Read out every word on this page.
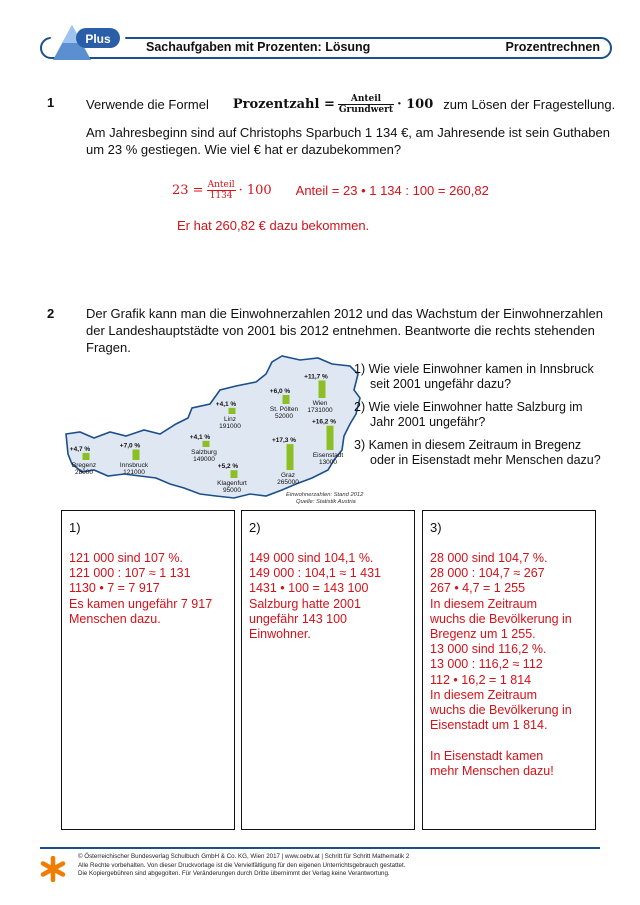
Plus
Sachaufgaben mit Prozenten: Lösung	Prozentrechnen
1 Verwende die Formel Prozentzahl = $\frac{\text{Anteil}}{\text{Grundwert}} \cdot 100$ zum Lösen der Fragestellung.
Am Jahresbeginn sind auf Christophs Sparbuch 1 134 €, am Jahresende ist sein Guthaben
um 23 % gestiegen. Wie viel € hat er dazubekommen?
$23 = \frac{\text{Anteil}}{1134} \cdot 100$ Anteil = 23 • 1 134 : 100 = 260,82
Er hat 260,82 € dazu bekommen.
2 Der Grafik kann man die Einwohnerzahlen 2012 und das Wachstum der Einwohnerzahlen
der Landeshauptstädte von 2001 bis 2012 entnehmen. Beantworte die rechts stehenden
Fragen.
+4,7 %
Bregenz
28000
+7,0 %
Innsbruck
121000
+4,1 %
Salzburg
149000
+4,1 %
Linz
191000
+5,2 %
Klagenfurt
95000
+17,3 %
Graz
265000
+6,0 %
St. Pölten
52000
+11,7 %
Wien
1731000
+16,2 %
Eisenstadt
13000
Einwohnerzahlen: Stand 2012
Quelle: Statistik Austria
1) Wie viele Einwohner kamen in Innsbruck
seit 2001 ungefähr dazu?
2) Wie viele Einwohner hatte Salzburg im
Jahr 2001 ungefähr?
3) Kamen in diesem Zeitraum in Bregenz
oder in Eisenstadt mehr Menschen dazu?
1)
121 000 sind 107 %.
121 000 : 107 ≈ 1 131
1130 • 7 = 7 917
Es kamen ungefähr 7 917
Menschen dazu.
2)
149 000 sind 104,1 %.
149 000 : 104,1 ≈ 1 431
1431 • 100 = 143 100
Salzburg hatte 2001
ungefähr 143 100
Einwohner.
3)
28 000 sind 104,7 %.
28 000 : 104,7 ≈ 267
267 • 4,7 = 1 255
In diesem Zeitraum
wuchs die Bevölkerung in
Bregenz um 1 255.
13 000 sind 116,2 %.
13 000 : 116,2 ≈ 112
112 • 16,2 = 1 814
In diesem Zeitraum
wuchs die Bevölkerung in
Eisenstadt um 1 814.

In Eisenstadt kamen
mehr Menschen dazu!
© Österreichischer Bundesverlag Schulbuch GmbH & Co. KG, Wien 2017 | www.oebv.at | Schritt für Schritt Mathematik 2
Alle Rechte vorbehalten. Von dieser Druckvorlage ist die Vervielfältigung für den eigenen Unterrichtsgebrauch gestattet.
Die Kopiergebühren sind abgegolten. Für Veränderungen durch Dritte übernimmt der Verlag keine Verantwortung.
